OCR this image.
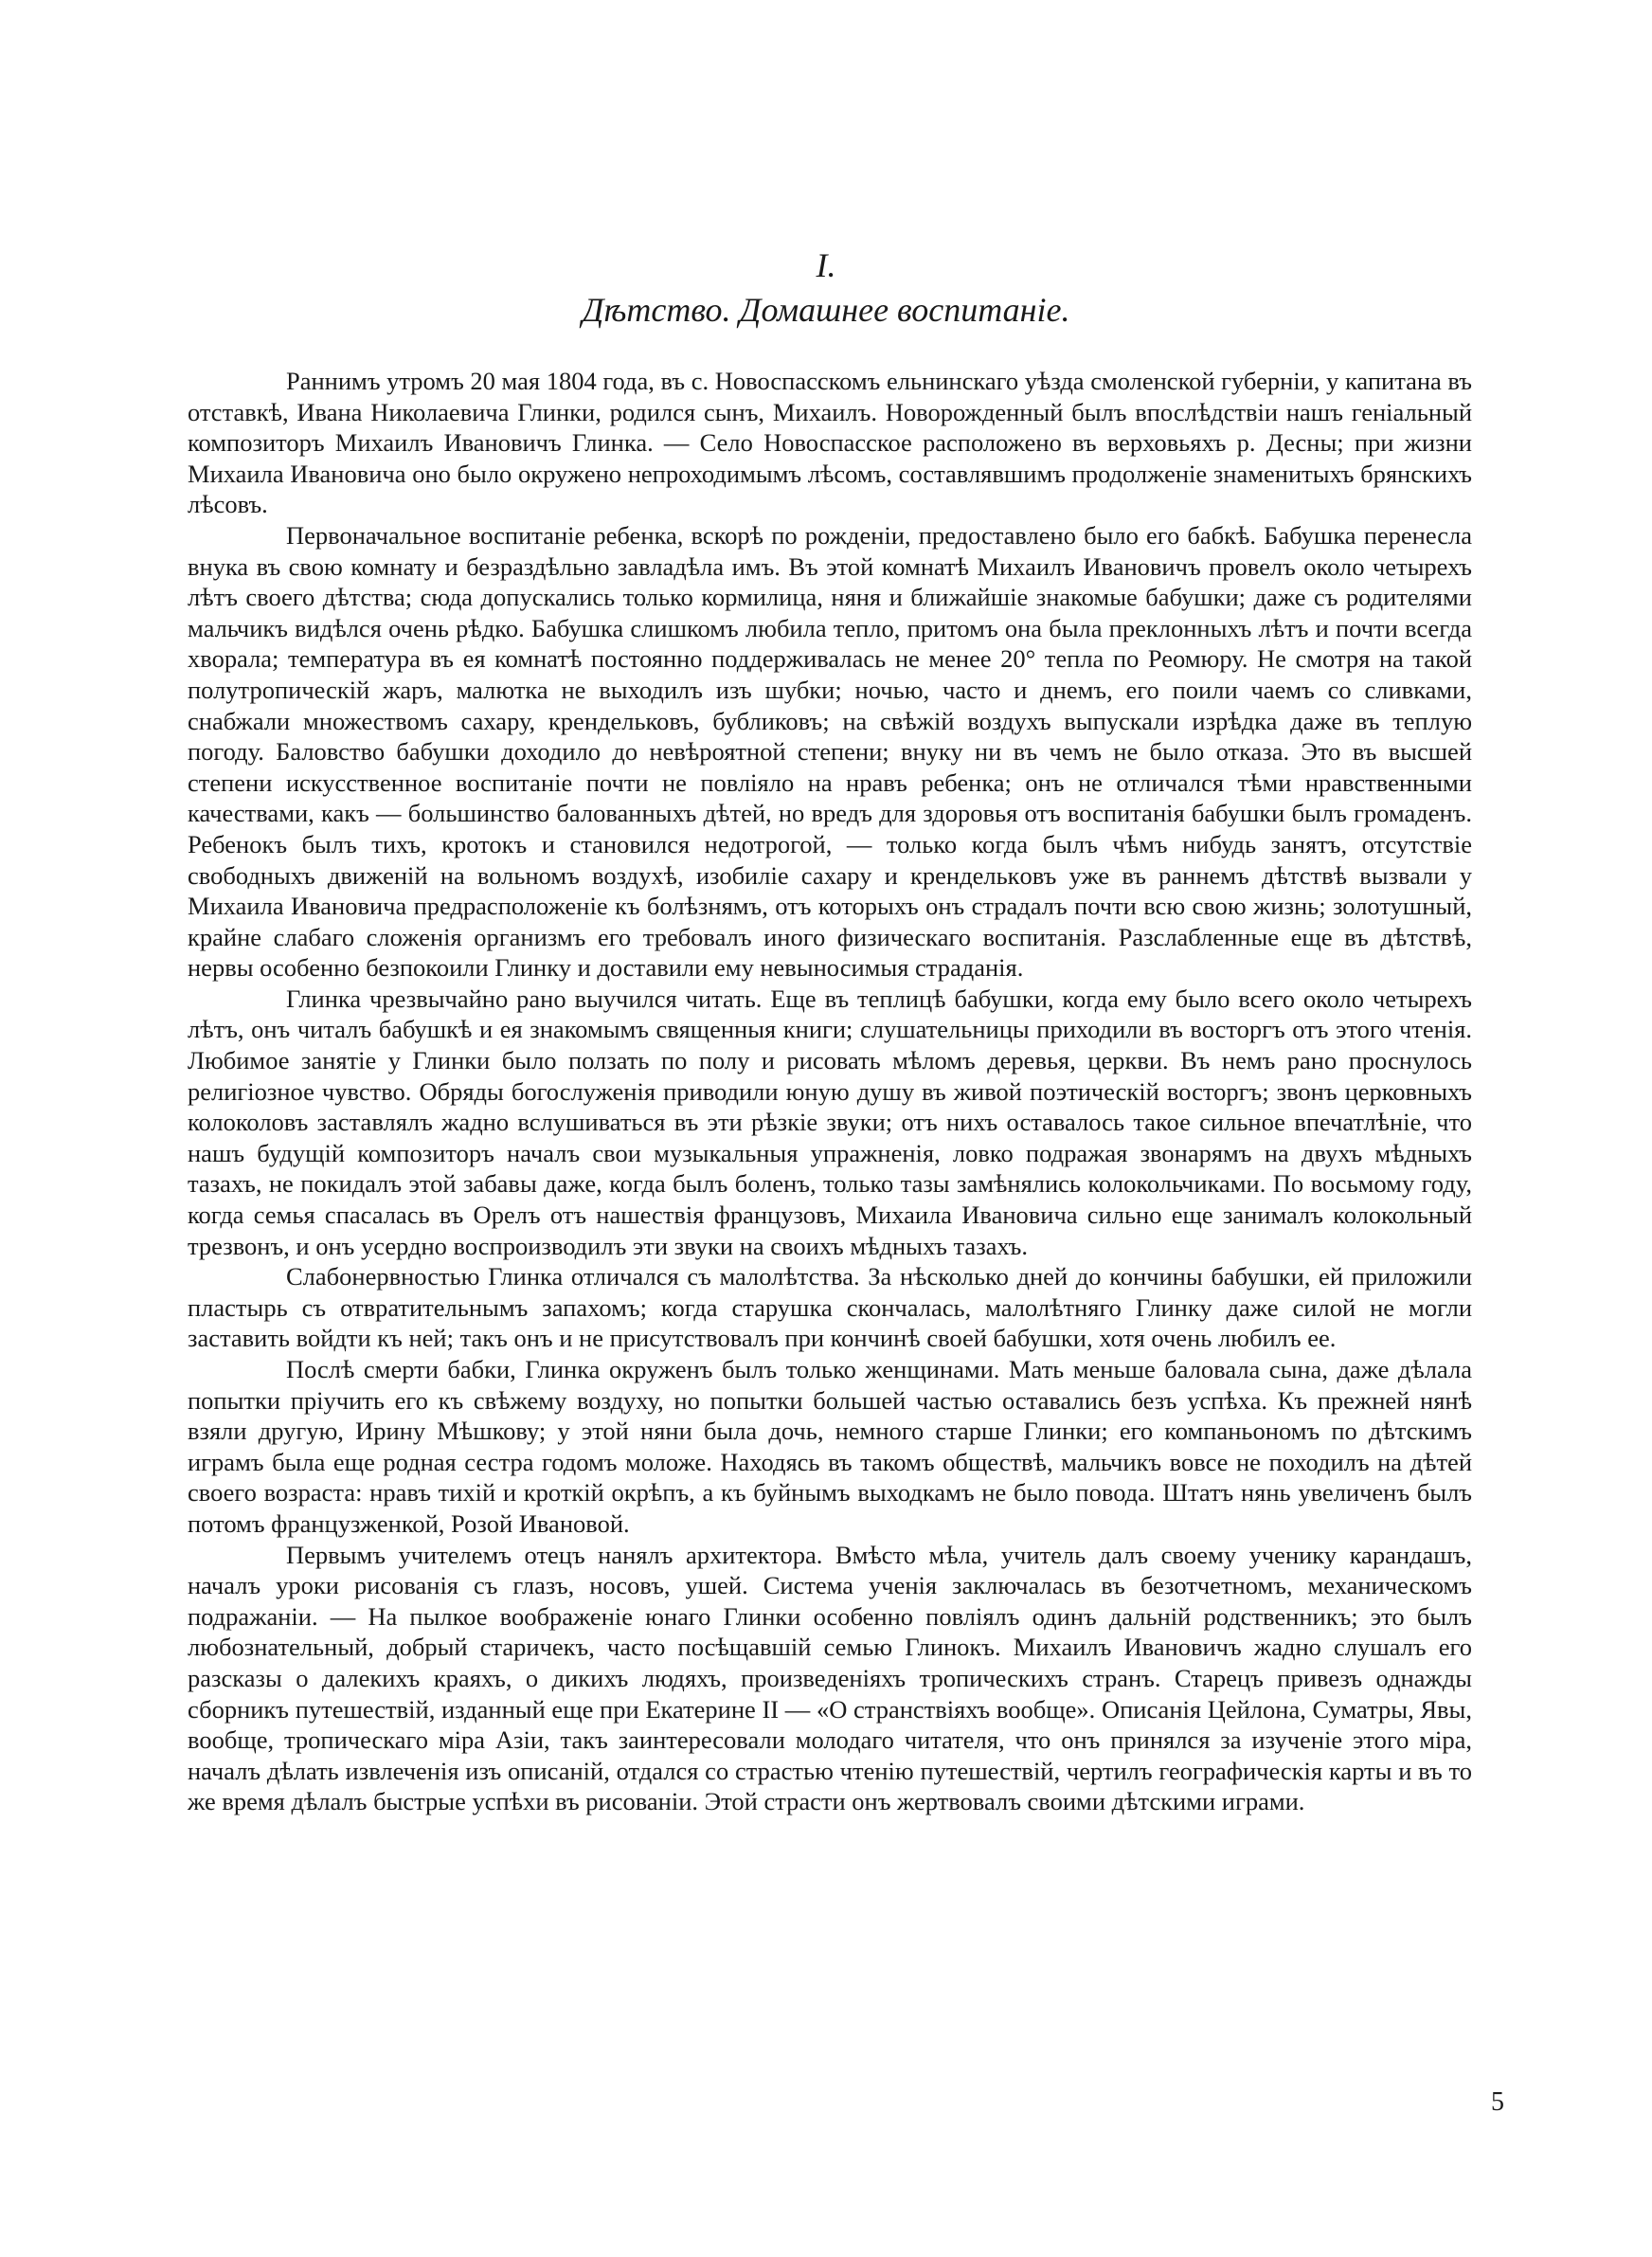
I.
Дѣтство. Домашнее воспитаніе.

Раннимъ утромъ 20 мая 1804 года, въ с. Новоспасскомъ ельнинскаго уѣзда смоленской губерніи, у капитана въ отставкѣ, Ивана Николаевича Глинки, родился сынъ, Михаилъ. Новорожденный былъ впослѣдствіи нашъ геніальный композиторъ Михаилъ Ивановичъ Глинка. — Село Новоспасское расположено въ верховьяхъ р. Десны; при жизни Михаила Ивановича оно было окружено непроходимымъ лѣсомъ, составлявшимъ продолженіе знаменитыхъ брянскихъ лѣсовъ.

Первоначальное воспитаніе ребенка, вскорѣ по рожденіи, предоставлено было его бабкѣ. Бабушка перенесла внука въ свою комнату и безраздѣльно завладѣла имъ. Въ этой комнатѣ Михаилъ Ивановичъ провелъ около четырехъ лѣтъ своего дѣтства; сюда допускались только кормилица, няня и ближайшіе знакомые бабушки; даже съ родителями мальчикъ видѣлся очень рѣдко. Бабушка слишкомъ любила тепло, притомъ она была преклонныхъ лѣтъ и почти всегда хворала; температура въ ея комнатѣ постоянно поддерживалась не менее 20° тепла по Реомюру. Не смотря на такой полутропическій жаръ, малютка не выходилъ изъ шубки; ночью, часто и днемъ, его поили чаемъ со сливками, снабжали множествомъ сахару, крендельковъ, бубликовъ; на свѣжій воздухъ выпускали изрѣдка даже въ теплую погоду. Баловство бабушки доходило до невѣроятной степени; внуку ни въ чемъ не было отказа. Это въ высшей степени искусственное воспитаніе почти не повліяло на нравъ ребенка; онъ не отличался тѣми нравственными качествами, какъ — большинство балованныхъ дѣтей, но вредъ для здоровья отъ воспитанія бабушки былъ громаденъ. Ребенокъ былъ тихъ, кротокъ и становился недотрогой, — только когда былъ чѣмъ нибудь занятъ, отсутствіе свободныхъ движеній на вольномъ воздухѣ, изобиліе сахару и кренделькoвъ уже въ раннемъ дѣтствѣ вызвали у Михаила Ивановича предрасположеніе къ болѣзнямъ, отъ которыхъ онъ страдалъ почти всю свою жизнь; золотушный, крайне слабаго сложенія организмъ его требовалъ иного физическаго воспитанія. Разслабленные еще въ дѣтствѣ, нервы особенно безпокоили Глинку и доставили ему невыносимыя страданія.

Глинка чрезвычайно рано выучился читать. Еще въ теплицѣ бабушки, когда ему было всего около четырехъ лѣтъ, онъ читалъ бабушкѣ и ея знакомымъ священныя книги; слушательницы приходили въ восторгъ отъ этого чтенія. Любимое занятіе у Глинки было ползать по полу и рисовать мѣломъ деревья, церкви. Въ немъ рано проснулось религіозное чувство. Обряды богослуженія приводили юную душу въ живой поэтическій восторгъ; звонъ церковныхъ колоколовъ заставлялъ жадно вслушиваться въ эти рѣзкіе звуки; отъ нихъ оставалось такое сильное впечатлѣніе, что нашъ будущій композиторъ началъ свои музыкальныя упражненія, ловко подражая звонарямъ на двухъ мѣдныхъ тазахъ, не покидалъ этой забавы даже, когда былъ боленъ, только тазы замѣнялись колокольчиками. По восьмому году, когда семья спасалась въ Орелъ отъ нашествія французовъ, Михаила Ивановича сильно еще занималъ колокольный трезвонъ, и онъ усердно воспроизводилъ эти звуки на своихъ мѣдныхъ тазахъ.

Слабонервностью Глинка отличался съ малолѣтства. За нѣсколько дней до кончины бабушки, ей приложили пластырь съ отвратительнымъ запахомъ; когда старушка скончалась, малолѣтняго Глинку даже силой не могли заставить войдти къ ней; такъ онъ и не присутствовалъ при кончинѣ своей бабушки, хотя очень любилъ ее.

Послѣ смерти бабки, Глинка окруженъ былъ только женщинами. Мать меньше баловала сына, даже дѣлала попытки пріучить его къ свѣжему воздуху, но попытки большей частью оставались безъ успѣха. Къ прежней нянѣ взяли другую, Ирину Мѣшкову; у этой няни была дочь, немного старше Глинки; его компаньономъ по дѣтскимъ играмъ была еще родная сестра годомъ моложе. Находясь въ такомъ обществѣ, мальчикъ вовсе не походилъ на дѣтей своего возраста: нравъ тихій и кроткій окрѣпъ, а къ буйнымъ выходкамъ не было повода. Штатъ нянь увеличенъ былъ потомъ французженкой, Розой Ивановой.

Первымъ учителемъ отецъ нанялъ архитектора. Вмѣсто мѣла, учитель далъ своему ученику карандашъ, началъ уроки рисованія съ глазъ, носовъ, ушей. Система ученія заключалась въ безотчетномъ, механическомъ подражаніи. — На пылкое воображеніе юнаго Глинки особенно повліялъ одинъ дальній родственникъ; это былъ любознательный, добрый старичекъ, часто посѣщавшій семью Глинокъ. Михаилъ Ивановичъ жадно слушалъ его разсказы о далекихъ краяхъ, о дикихъ людяхъ, произведеніяхъ тропическихъ странъ. Старецъ привезъ однажды сборникъ путешествій, изданный еще при Екатерине II — «О странствіяхъ вообще». Описанія Цейлона, Суматры, Явы, вообще, тропическаго міра Азіи, такъ заинтересовали молодаго читателя, что онъ принялся за изученіе этого міра, началъ дѣлать извлеченія изъ описаній, отдался со страстью чтенію путешествій, чертилъ географическія карты и въ то же время дѣлалъ быстрые успѣхи въ рисованіи. Этой страсти онъ жертвовалъ своими дѣтскими играми.

5
